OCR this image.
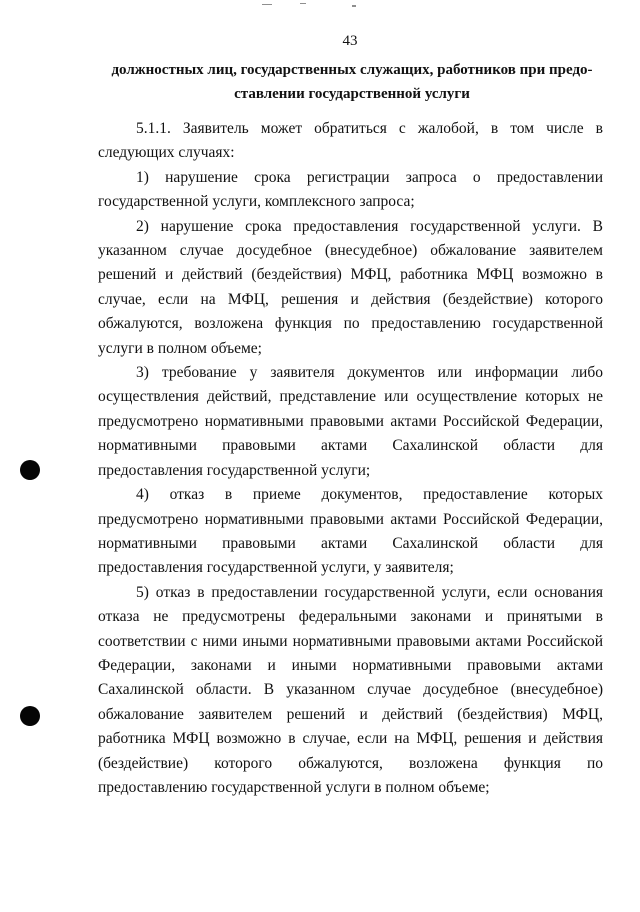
43
должностных лиц, государственных служащих, работников при предо-ставлении государственной услуги

5.1.1. Заявитель может обратиться с жалобой, в том числе в следующих случаях:

1) нарушение срока регистрации запроса о предоставлении государственной услуги, комплексного запроса;

2) нарушение срока предоставления государственной услуги. В указанном случае досудебное (внесудебное) обжалование заявителем решений и действий (бездействия) МФЦ, работника МФЦ возможно в случае, если на МФЦ, решения и действия (бездействие) которого обжалуются, возложена функция по предоставлению государственной услуги в полном объеме;

3) требование у заявителя документов или информации либо осуществления действий, представление или осуществление которых не предусмотрено нормативными правовыми актами Российской Федерации, нормативными правовыми актами Сахалинской области для предоставления государственной услуги;

4) отказ в приеме документов, предоставление которых предусмотрено нормативными правовыми актами Российской Федерации, нормативными правовыми актами Сахалинской области для предоставления государственной услуги, у заявителя;

5) отказ в предоставлении государственной услуги, если основания отказа не предусмотрены федеральными законами и принятыми в соответствии с ними иными нормативными правовыми актами Российской Федерации, законами и иными нормативными правовыми актами Сахалинской области. В указанном случае досудебное (внесудебное) обжалование заявителем решений и действий (бездействия) МФЦ, работника МФЦ возможно в случае, если на МФЦ, решения и действия (бездействие) которого обжалуются, возложена функция по предоставлению государственной услуги в полном объеме;
